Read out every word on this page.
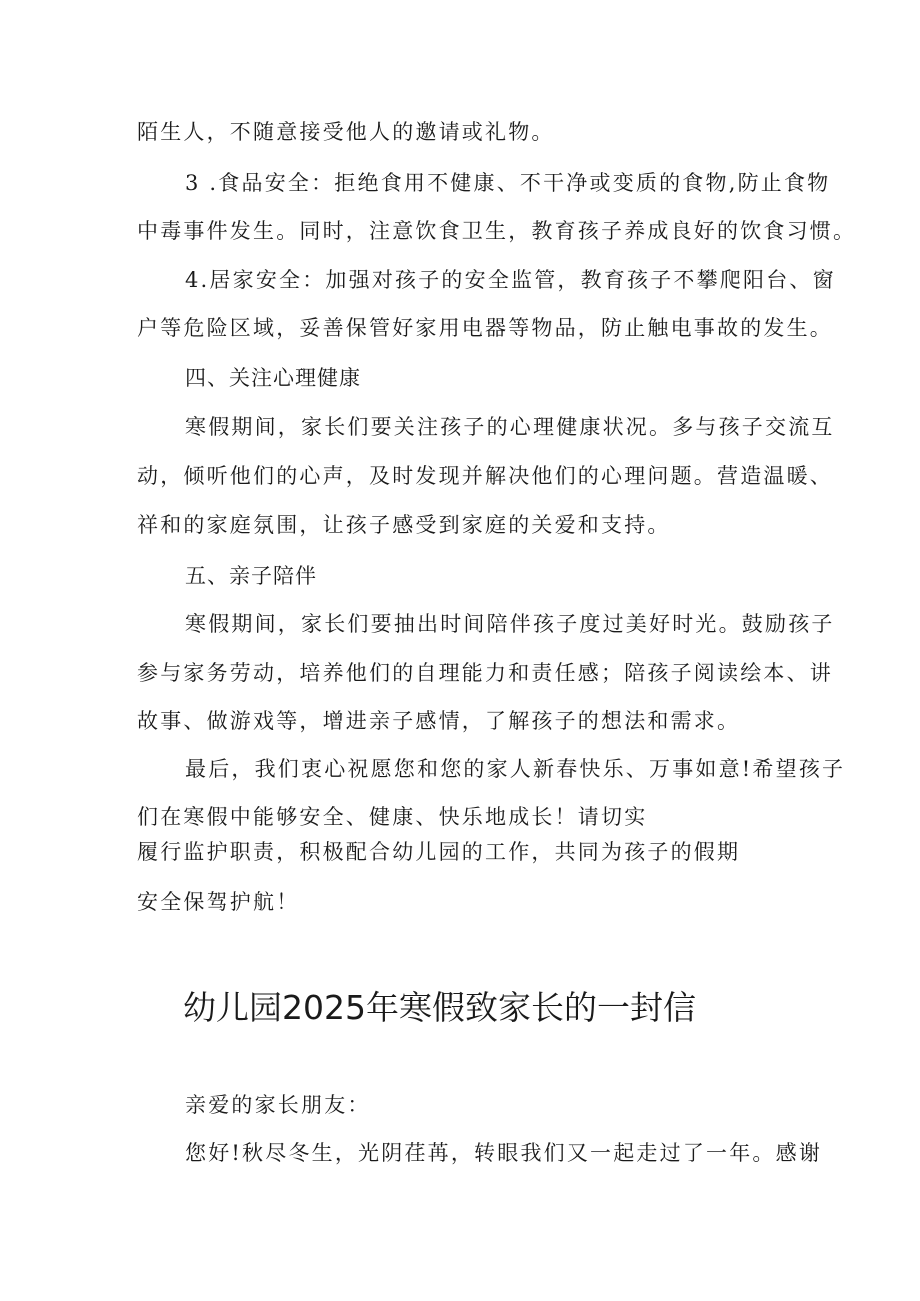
陌生人，不随意接受他人的邀请或礼物。
3 .食品安全：拒绝食用不健康、不干净或变质的食物,防止食物
中毒事件发生。同时，注意饮食卫生，教育孩子养成良好的饮食习惯。
4.居家安全：加强对孩子的安全监管，教育孩子不攀爬阳台、窗
户等危险区域，妥善保管好家用电器等物品，防止触电事故的发生。
四、关注心理健康
寒假期间，家长们要关注孩子的心理健康状况。多与孩子交流互
动，倾听他们的心声，及时发现并解决他们的心理问题。营造温暖、
祥和的家庭氛围，让孩子感受到家庭的关爱和支持。
五、亲子陪伴
寒假期间，家长们要抽出时间陪伴孩子度过美好时光。鼓励孩子
参与家务劳动，培养他们的自理能力和责任感；陪孩子阅读绘本、讲
故事、做游戏等，增进亲子感情，了解孩子的想法和需求。
最后，我们衷心祝愿您和您的家人新春快乐、万事如意!希望孩子
们在寒假中能够安全、健康、快乐地成长！请切实
履行监护职责，积极配合幼儿园的工作，共同为孩子的假期
安全保驾护航！
幼儿园2025年寒假致家长的一封信
亲爱的家长朋友：
您好!秋尽冬生，光阴荏苒，转眼我们又一起走过了一年。感谢
